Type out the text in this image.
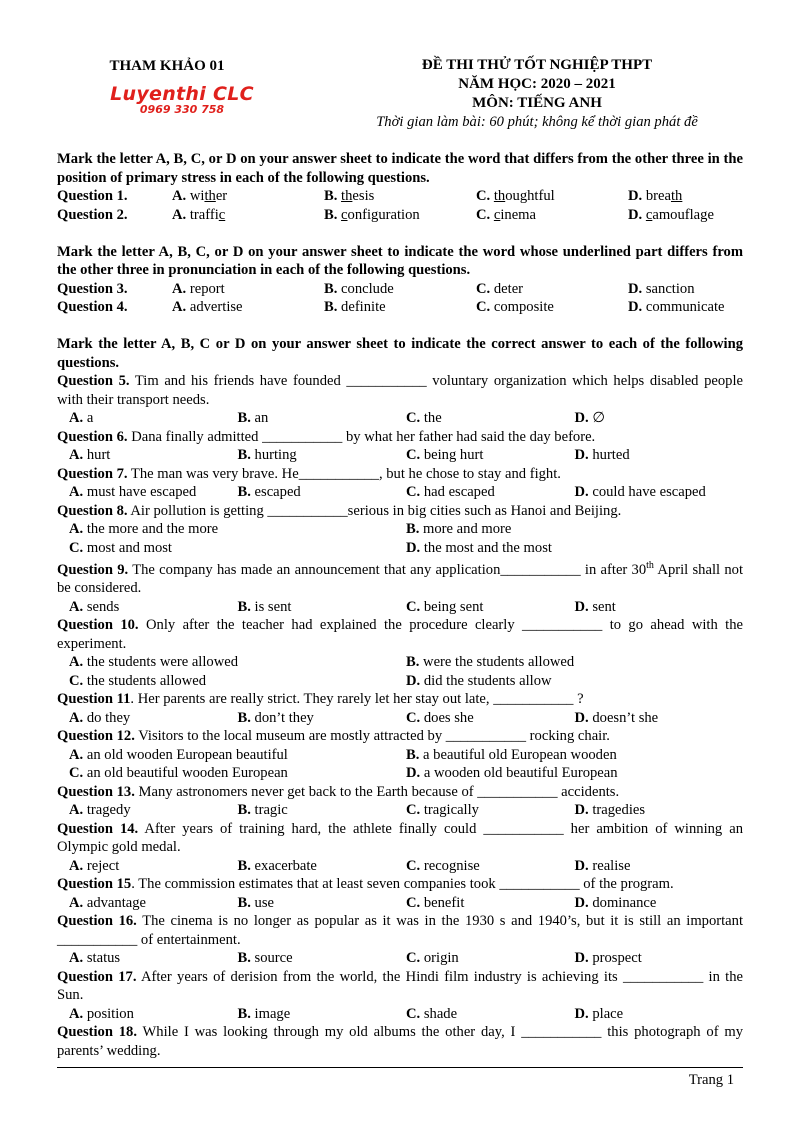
THAM KHẢO 01
Luyenthi CLC
0969 330 758
ĐỀ THI THỬ TỐT NGHIỆP THPT
NĂM HỌC: 2020 – 2021
MÔN: TIẾNG ANH
Thời gian làm bài: 60 phút; không kể thời gian phát đề
Mark the letter A, B, C, or D on your answer sheet to indicate the word that differs from the other three in the position of primary stress in each of the following questions.
Question 1.	A. wither	B. thesis	C. thoughtful	D. breath
Question 2.	A. traffic	B. configuration	C. cinema	D. camouflage
Mark the letter A, B, C, or D on your answer sheet to indicate the word whose underlined part differs from the other three in pronunciation in each of the following questions.
Question 3.	A. report	B. conclude	C. deter	D. sanction
Question 4.	A. advertise	B. definite	C. composite	D. communicate
Mark the letter A, B, C or D on your answer sheet to indicate the correct answer to each of the following questions.
Question 5. Tim and his friends have founded ___________ voluntary organization which helps disabled people with their transport needs.
A. a	B. an	C. the	D. ∅
Question 6. Dana finally admitted ___________ by what her father had said the day before.
A. hurt	B. hurting	C. being hurt	D. hurted
Question 7. The man was very brave. He___________, but he chose to stay and fight.
A. must have escaped	B. escaped	C. had escaped	D. could have escaped
Question 8. Air pollution is getting ___________serious in big cities such as Hanoi and Beijing.
A. the more and the more	B. more and more
C. most and most	D. the most and the most
Question 9. The company has made an announcement that any application___________ in after 30th April shall not be considered.
A. sends	B. is sent	C. being sent	D. sent
Question 10. Only after the teacher had explained the procedure clearly ___________ to go ahead with the experiment.
A. the students were allowed	B. were the students allowed
C. the students allowed	D. did the students allow
Question 11. Her parents are really strict. They rarely let her stay out late, ___________ ?
A. do they	B. don’t they	C. does she	D. doesn’t she
Question 12. Visitors to the local museum are mostly attracted by ___________ rocking chair.
A. an old wooden European beautiful	B. a beautiful old European wooden
C. an old beautiful wooden European	D. a wooden old beautiful European
Question 13. Many astronomers never get back to the Earth because of ___________ accidents.
A. tragedy	B. tragic	C. tragically	D. tragedies
Question 14. After years of training hard, the athlete finally could ___________ her ambition of winning an Olympic gold medal.
A. reject	B. exacerbate	C. recognise	D. realise
Question 15. The commission estimates that at least seven companies took ___________ of the program.
A. advantage	B. use	C. benefit	D. dominance
Question 16. The cinema is no longer as popular as it was in the 1930 s and 1940’s, but it is still an important ___________ of entertainment.
A. status	B. source	C. origin	D. prospect
Question 17. After years of derision from the world, the Hindi film industry is achieving its ___________ in the Sun.
A. position	B. image	C. shade	D. place
Question 18. While I was looking through my old albums the other day, I ___________ this photograph of my parents’ wedding.
Trang 1
